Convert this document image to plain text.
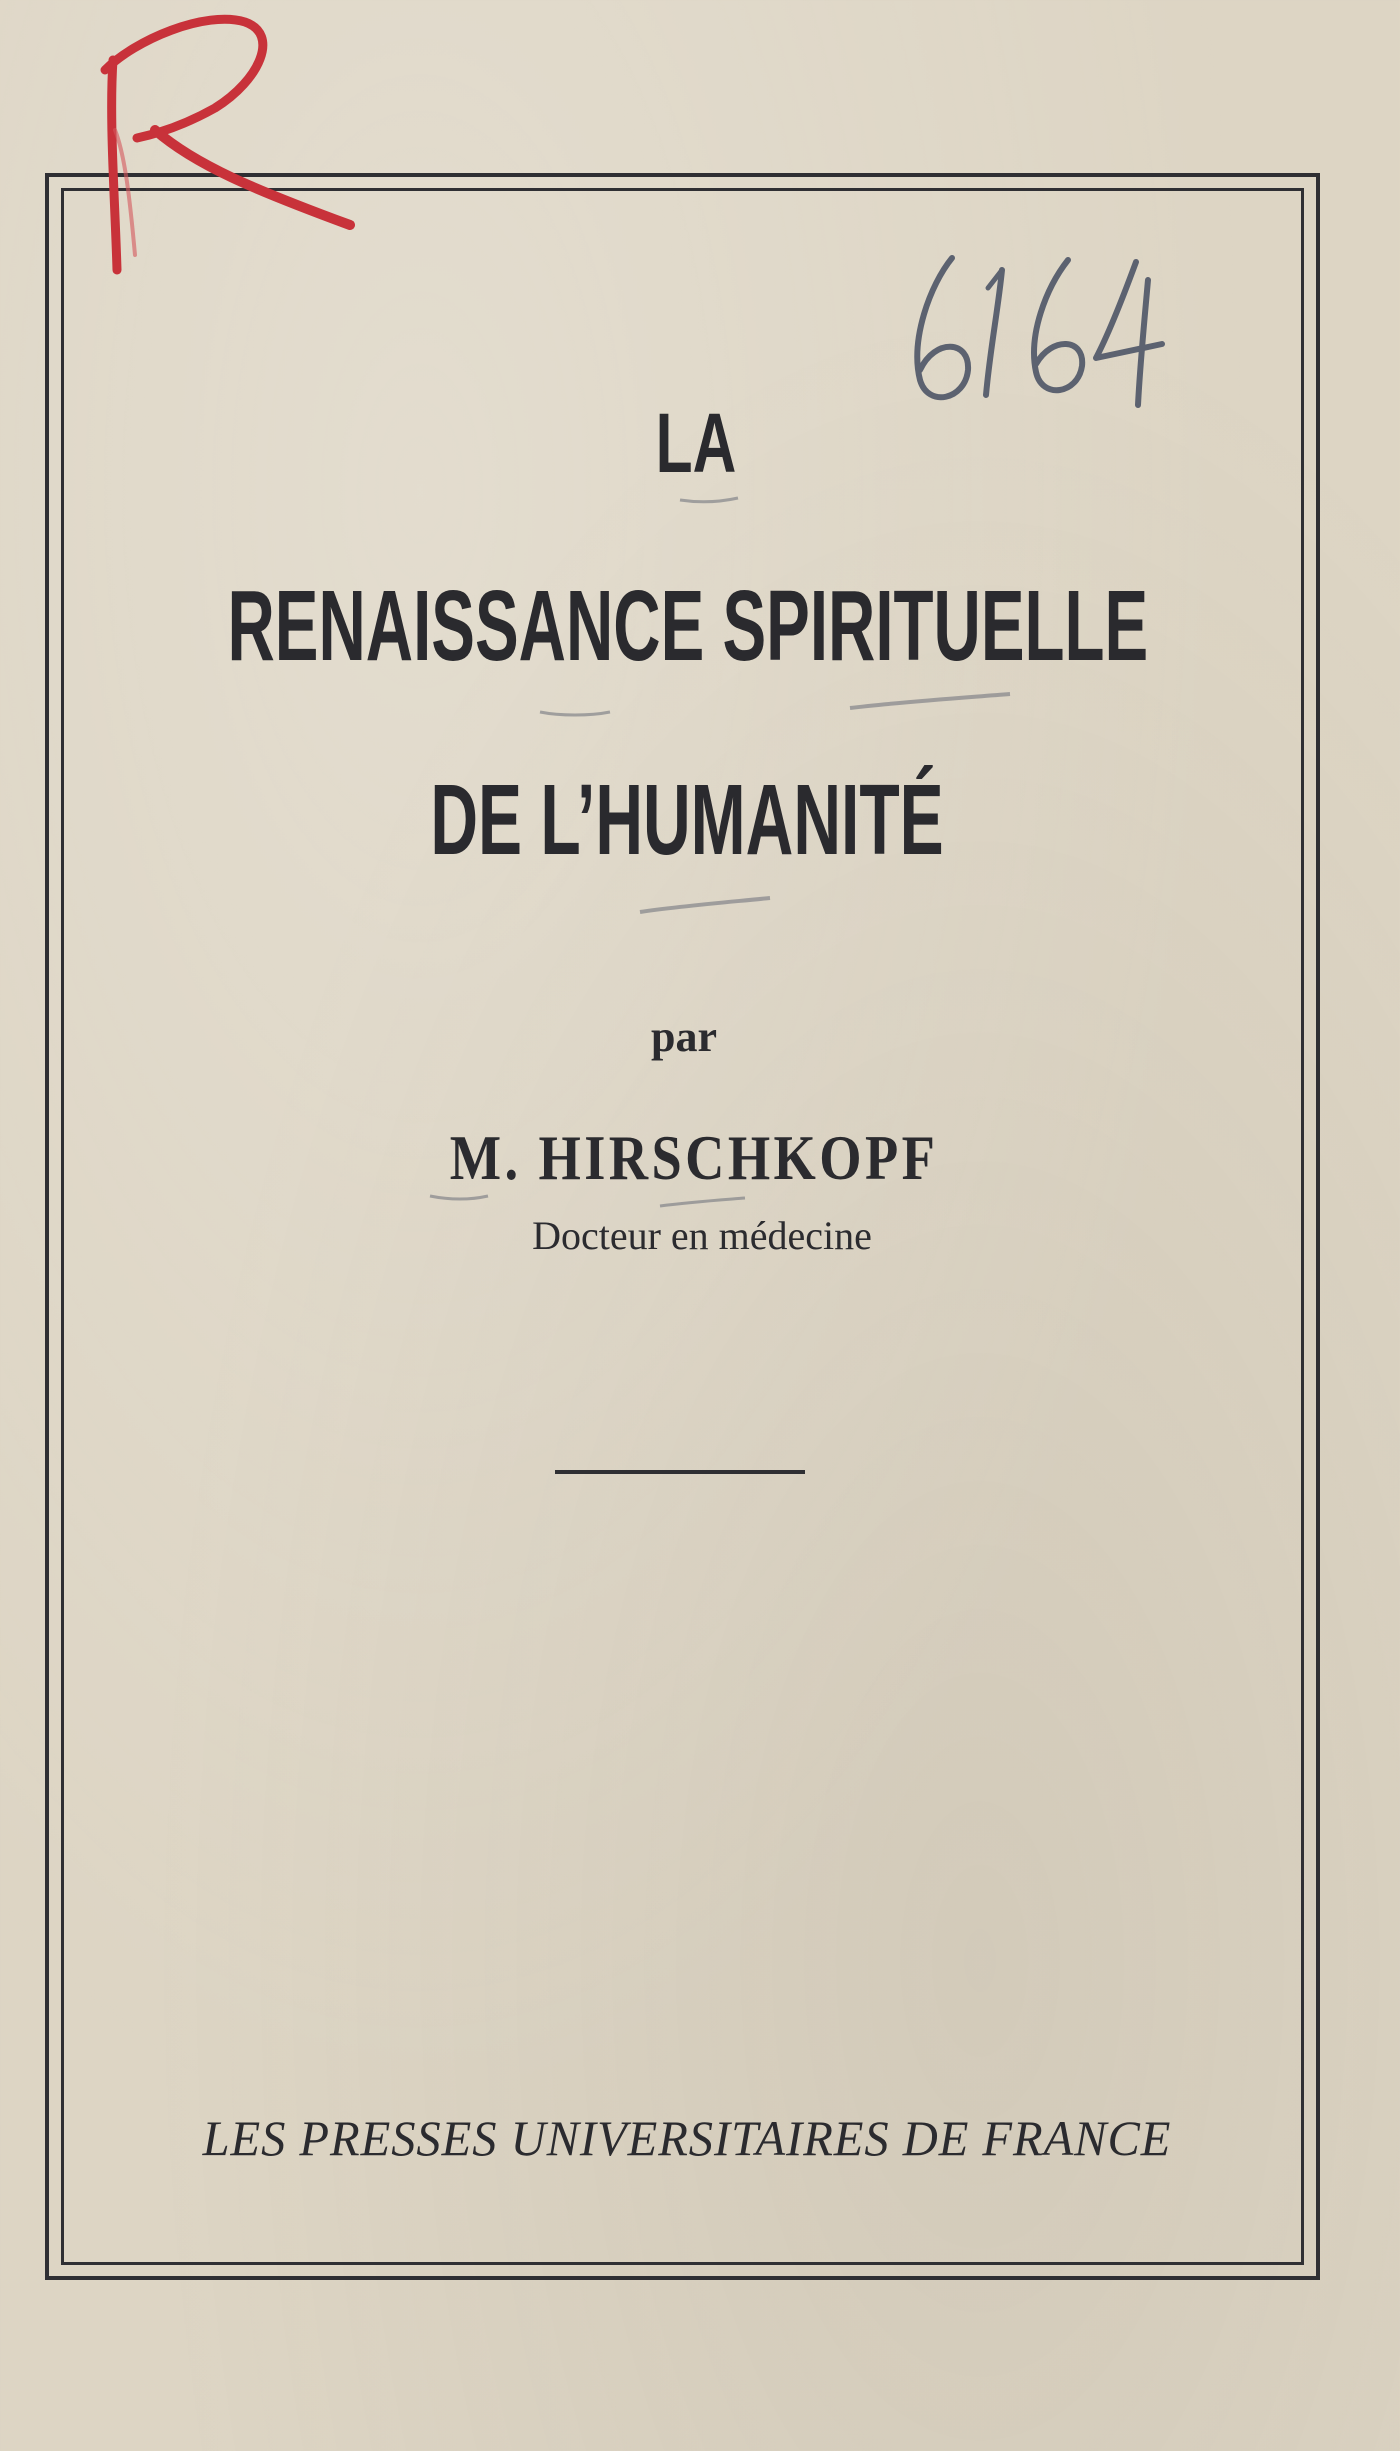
LA
RENAISSANCE SPIRITUELLE
DE L’HUMANITÉ
par
M. HIRSCHKOPF
Docteur en médecine
LES PRESSES UNIVERSITAIRES DE FRANCE
